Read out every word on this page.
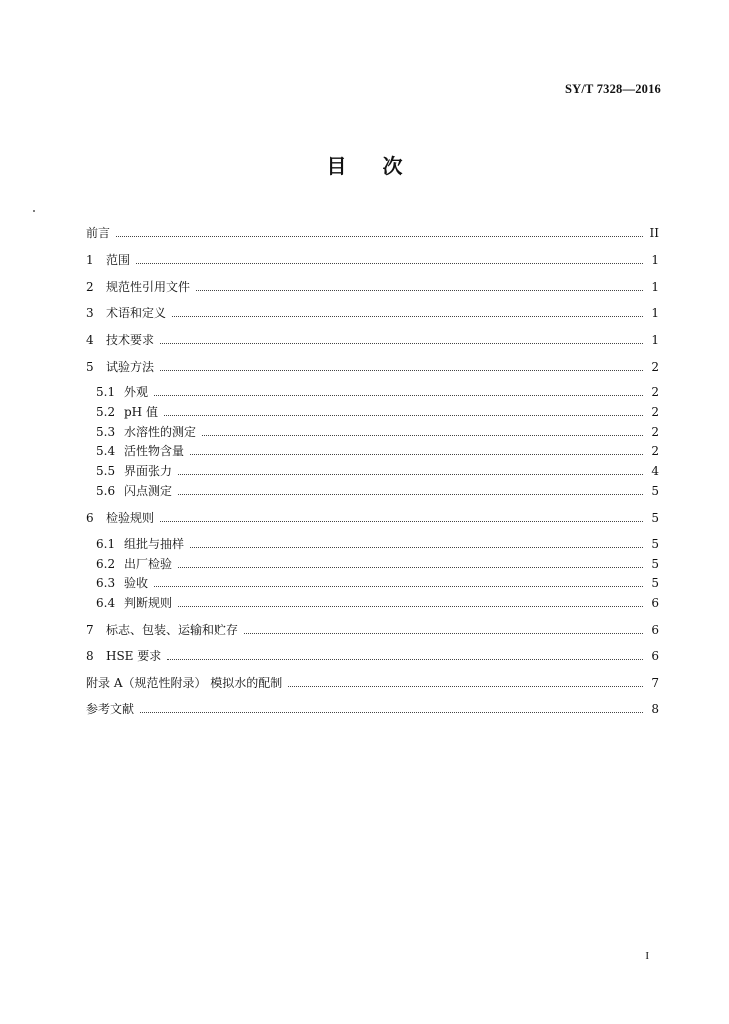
SY/T 7328—2016
目次
前言	II
1	范围	1
2	规范性引用文件	1
3	术语和定义	1
4	技术要求	1
5	试验方法	2
5.1 外观	2
5.2 pH 值	2
5.3 水溶性的测定	2
5.4 活性物含量	2
5.5 界面张力	4
5.6 闪点测定	5
6	检验规则	5
6.1 组批与抽样	5
6.2 出厂检验	5
6.3 验收	5
6.4 判断规则	6
7	标志、包装、运输和贮存	6
8	HSE 要求	6
附录 A（规范性附录） 模拟水的配制	7
参考文献	8
I
